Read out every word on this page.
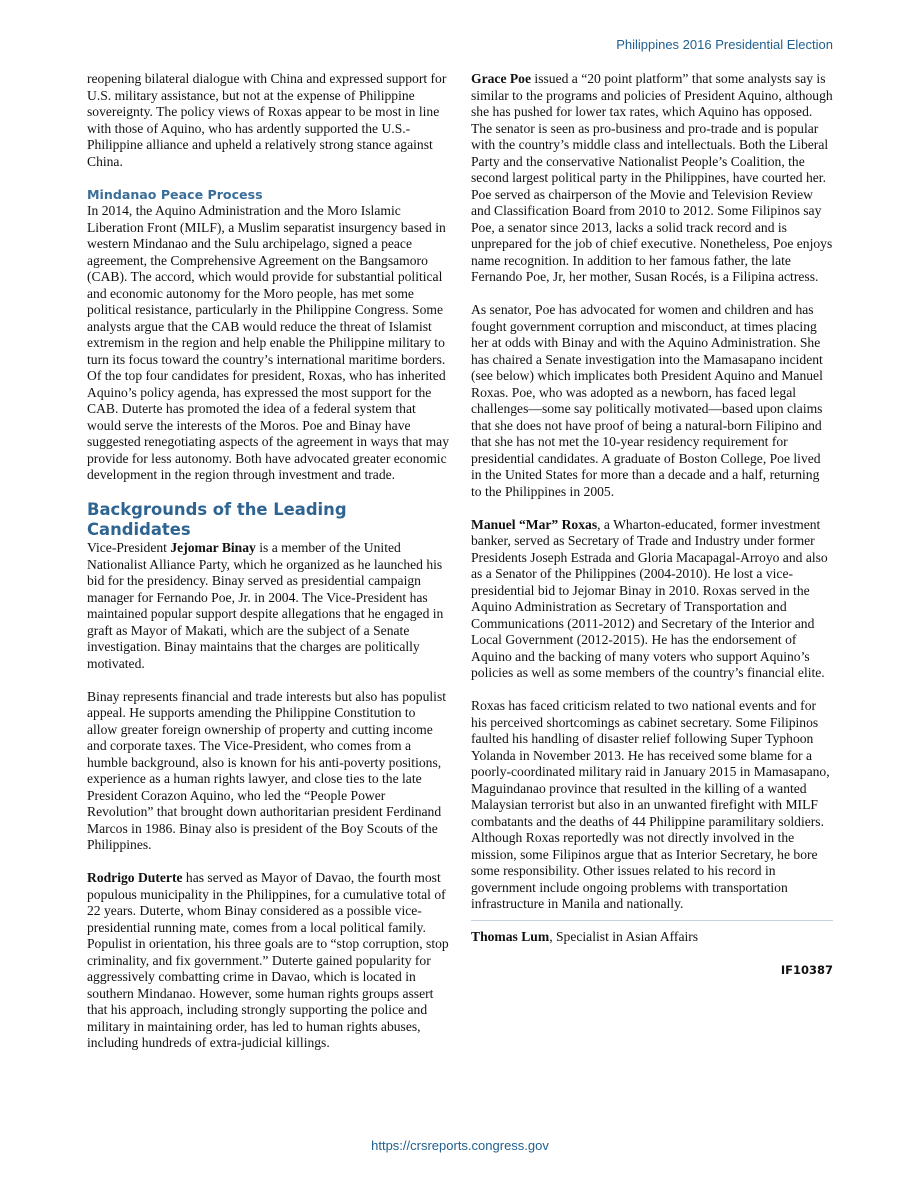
Philippines 2016 Presidential Election

reopening bilateral dialogue with China and expressed support for U.S. military assistance, but not at the expense of Philippine sovereignty. The policy views of Roxas appear to be most in line with those of Aquino, who has ardently supported the U.S.-Philippine alliance and upheld a relatively strong stance against China.

Mindanao Peace Process

In 2014, the Aquino Administration and the Moro Islamic Liberation Front (MILF), a Muslim separatist insurgency based in western Mindanao and the Sulu archipelago, signed a peace agreement, the Comprehensive Agreement on the Bangsamoro (CAB). The accord, which would provide for substantial political and economic autonomy for the Moro people, has met some political resistance, particularly in the Philippine Congress. Some analysts argue that the CAB would reduce the threat of Islamist extremism in the region and help enable the Philippine military to turn its focus toward the country’s international maritime borders. Of the top four candidates for president, Roxas, who has inherited Aquino’s policy agenda, has expressed the most support for the CAB. Duterte has promoted the idea of a federal system that would serve the interests of the Moros. Poe and Binay have suggested renegotiating aspects of the agreement in ways that may provide for less autonomy. Both have advocated greater economic development in the region through investment and trade.

Backgrounds of the Leading Candidates

Vice-President Jejomar Binay is a member of the United Nationalist Alliance Party, which he organized as he launched his bid for the presidency. Binay served as presidential campaign manager for Fernando Poe, Jr. in 2004. The Vice-President has maintained popular support despite allegations that he engaged in graft as Mayor of Makati, which are the subject of a Senate investigation. Binay maintains that the charges are politically motivated.

Binay represents financial and trade interests but also has populist appeal. He supports amending the Philippine Constitution to allow greater foreign ownership of property and cutting income and corporate taxes. The Vice-President, who comes from a humble background, also is known for his anti-poverty positions, experience as a human rights lawyer, and close ties to the late President Corazon Aquino, who led the “People Power Revolution” that brought down authoritarian president Ferdinand Marcos in 1986. Binay also is president of the Boy Scouts of the Philippines.

Rodrigo Duterte has served as Mayor of Davao, the fourth most populous municipality in the Philippines, for a cumulative total of 22 years. Duterte, whom Binay considered as a possible vice-presidential running mate, comes from a local political family. Populist in orientation, his three goals are to “stop corruption, stop criminality, and fix government.” Duterte gained popularity for aggressively combatting crime in Davao, which is located in southern Mindanao. However, some human rights groups assert that his approach, including strongly supporting the police and military in maintaining order, has led to human rights abuses, including hundreds of extra-judicial killings.

Grace Poe issued a “20 point platform” that some analysts say is similar to the programs and policies of President Aquino, although she has pushed for lower tax rates, which Aquino has opposed. The senator is seen as pro-business and pro-trade and is popular with the country’s middle class and intellectuals. Both the Liberal Party and the conservative Nationalist People’s Coalition, the second largest political party in the Philippines, have courted her. Poe served as chairperson of the Movie and Television Review and Classification Board from 2010 to 2012. Some Filipinos say Poe, a senator since 2013, lacks a solid track record and is unprepared for the job of chief executive. Nonetheless, Poe enjoys name recognition. In addition to her famous father, the late Fernando Poe, Jr, her mother, Susan Rocés, is a Filipina actress.

As senator, Poe has advocated for women and children and has fought government corruption and misconduct, at times placing her at odds with Binay and with the Aquino Administration. She has chaired a Senate investigation into the Mamasapano incident (see below) which implicates both President Aquino and Manuel Roxas. Poe, who was adopted as a newborn, has faced legal challenges—some say politically motivated—based upon claims that she does not have proof of being a natural-born Filipino and that she has not met the 10-year residency requirement for presidential candidates. A graduate of Boston College, Poe lived in the United States for more than a decade and a half, returning to the Philippines in 2005.

Manuel “Mar” Roxas, a Wharton-educated, former investment banker, served as Secretary of Trade and Industry under former Presidents Joseph Estrada and Gloria Macapagal-Arroyo and also as a Senator of the Philippines (2004-2010). He lost a vice-presidential bid to Jejomar Binay in 2010. Roxas served in the Aquino Administration as Secretary of Transportation and Communications (2011-2012) and Secretary of the Interior and Local Government (2012-2015). He has the endorsement of Aquino and the backing of many voters who support Aquino’s policies as well as some members of the country’s financial elite.

Roxas has faced criticism related to two national events and for his perceived shortcomings as cabinet secretary. Some Filipinos faulted his handling of disaster relief following Super Typhoon Yolanda in November 2013. He has received some blame for a poorly-coordinated military raid in January 2015 in Mamasapano, Maguindanao province that resulted in the killing of a wanted Malaysian terrorist but also in an unwanted firefight with MILF combatants and the deaths of 44 Philippine paramilitary soldiers. Although Roxas reportedly was not directly involved in the mission, some Filipinos argue that as Interior Secretary, he bore some responsibility. Other issues related to his record in government include ongoing problems with transportation infrastructure in Manila and nationally.

Thomas Lum, Specialist in Asian Affairs

IF10387
https://crsreports.congress.gov
